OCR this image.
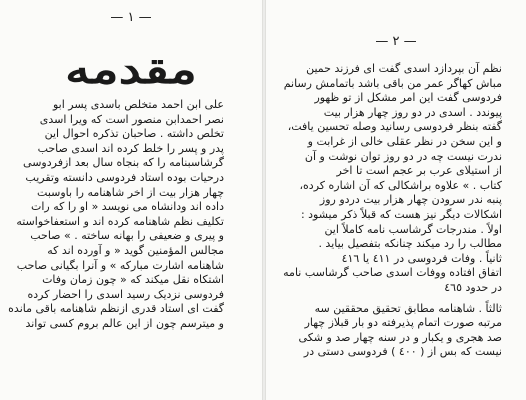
— ١ —
مقدمه
علی ابن احمد متخلص باسدی پسر ابو
نصر احمدابن منصور است که ویرا اسدی
تخلص داشته . صاحبان تذکره احوال این
پدر و پسر را خلط کرده اند اسدی صاحب
گرشاسبنامه را که بنجاه سال بعد ازفردوسی
درحیات بوده استاد فردوسی دانسته وتقریب
چهار هزار بیت از اخر شاهنامه را باوسبت
داده اند ودانشاه می نویسد « او را که رات
تکلیف نظم شاهنامه کرده اند و استعفاخواسته
و پیری و ضعیفی را بهانه ساخته . » صاحب
مجالس المؤمنین گوید « و آورده اند که
شاهنامه اشارت مبارکه » و آنرا بگیانی صاحب
اشتکاه نقل میکند که « چون زمان وفات
فردوسی نزدیک رسید اسدی را احضار کرده
گفت ای استاد قدری ازنظم شاهنامه باقی مانده
و میترسم چون از این عالم بروم کسی تواند
— ٢ —
نظم آن بپردازد اسدی گفت ای فرزند حمین
مباش کهاگر عمر من باقی باشد باتمامش رسانم
فردوسی گفت این امر مشکل از تو ظهور
پیوندد . اسدی در دو روز چهار هزار بیت
گفته بنظر فردوسی رسانید وصله تحسین یافت،
و این سخن در نظر عقلی خالی از غرابت و
ندرت نیست چه در دو روز توان نوشت و آن
از استیلای عرب بر عجم است تا اخر
کتاب . » علاوه براشکالی که آن اشاره کرده،
پنبه ندر سرودن چهار هزار بیت دردو روز
اشکالات دیگر نیز هست که قبلاً ذکر میشود :
اولاً . مندرجات گرشاسب نامه کاملاً این
مطالب را رد میکند چنانکه بتفصیل بیاید .
ثانیاً . وفات فردوسی در ٤١١ یا ٤١٦
اتفاق افتاده ووفات اسدی صاحب گرشاسب نامه
در حدود ٤٦٥
ثالثاً . شاهنامه مطابق تحقیق محققین سه
مرتبه صورت اتمام پذیرفته دو بار قبلاز چهار
صد هجری و یکبار و در سنه چهار صد و شکی
نیست که بس از ( ٤٠٠ ) فردوسی دستی در
